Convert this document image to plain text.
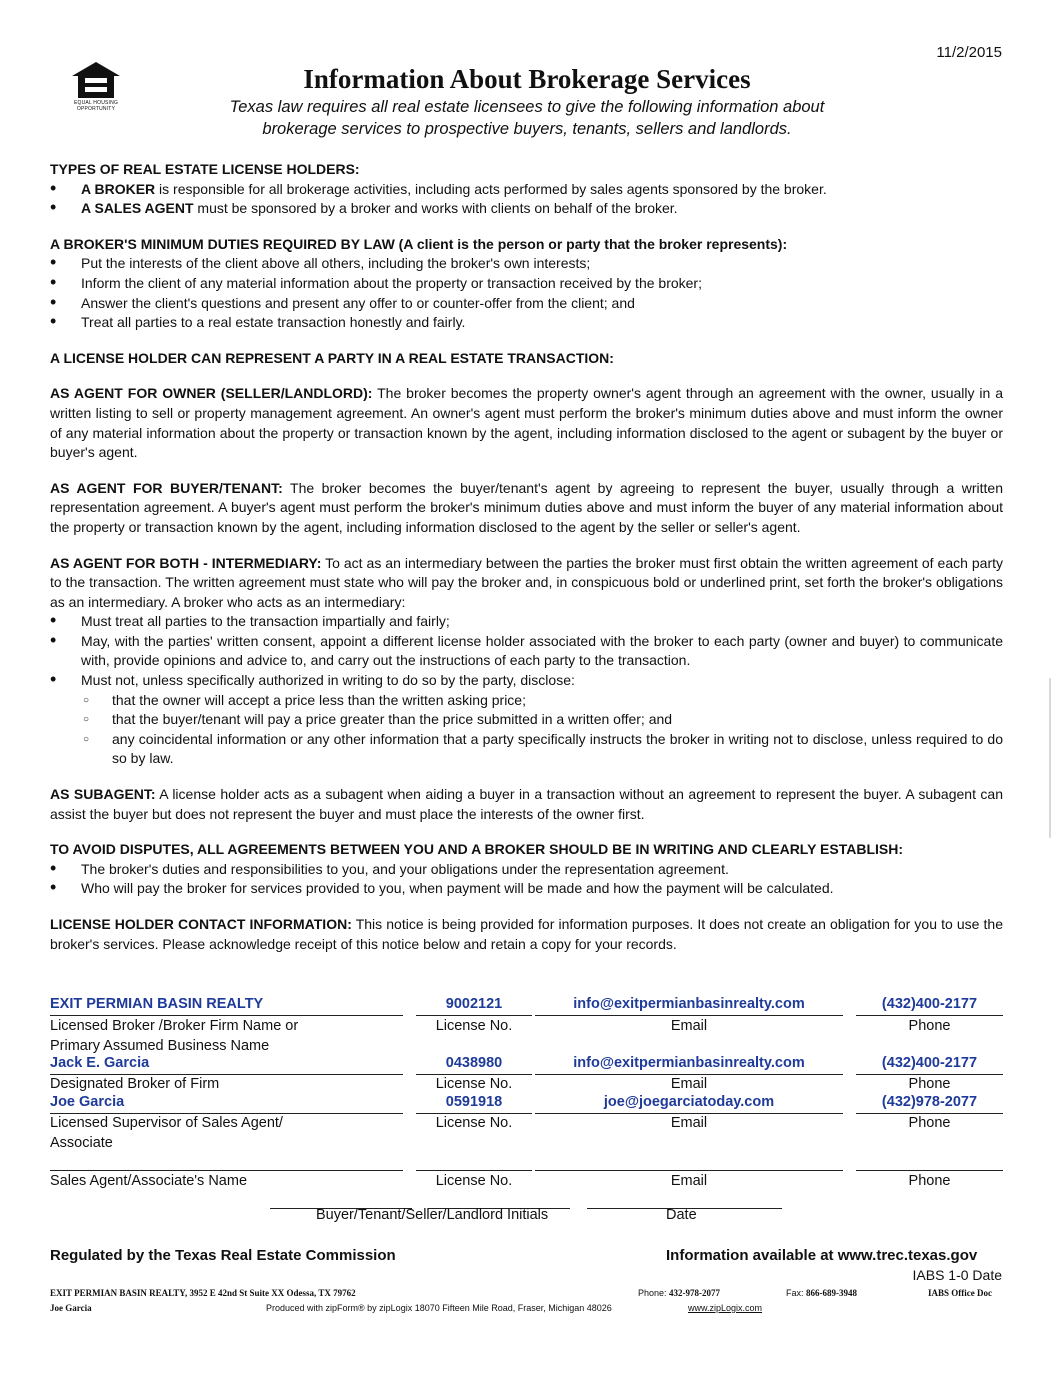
11/2/2015
EQUAL HOUSING
OPPORTUNITY
Information About Brokerage Services
Texas law requires all real estate licensees to give the following information about
brokerage services to prospective buyers, tenants, sellers and landlords.
TYPES OF REAL ESTATE LICENSE HOLDERS:
• A BROKER is responsible for all brokerage activities, including acts performed by sales agents sponsored by the broker.
• A SALES AGENT must be sponsored by a broker and works with clients on behalf of the broker.
A BROKER'S MINIMUM DUTIES REQUIRED BY LAW (A client is the person or party that the broker represents):
• Put the interests of the client above all others, including the broker's own interests;
• Inform the client of any material information about the property or transaction received by the broker;
• Answer the client's questions and present any offer to or counter-offer from the client; and
• Treat all parties to a real estate transaction honestly and fairly.
A LICENSE HOLDER CAN REPRESENT A PARTY IN A REAL ESTATE TRANSACTION:

AS AGENT FOR OWNER (SELLER/LANDLORD): The broker becomes the property owner's agent through an agreement with the owner, usually in a written listing to sell or property management agreement. An owner's agent must perform the broker's minimum duties above and must inform the owner of any material information about the property or transaction known by the agent, including information disclosed to the agent or subagent by the buyer or buyer's agent.

AS AGENT FOR BUYER/TENANT: The broker becomes the buyer/tenant's agent by agreeing to represent the buyer, usually through a written representation agreement. A buyer's agent must perform the broker's minimum duties above and must inform the buyer of any material information about the property or transaction known by the agent, including information disclosed to the agent by the seller or seller's agent.

AS AGENT FOR BOTH - INTERMEDIARY: To act as an intermediary between the parties the broker must first obtain the written agreement of each party to the transaction. The written agreement must state who will pay the broker and, in conspicuous bold or underlined print, set forth the broker's obligations as an intermediary. A broker who acts as an intermediary:

• Must treat all parties to the transaction impartially and fairly;
• May, with the parties' written consent, appoint a different license holder associated with the broker to each party (owner and buyer) to communicate with, provide opinions and advice to, and carry out the instructions of each party to the transaction.
• Must not, unless specifically authorized in writing to do so by the party, disclose:
○ that the owner will accept a price less than the written asking price;
○ that the buyer/tenant will pay a price greater than the price submitted in a written offer; and
○ any coincidental information or any other information that a party specifically instructs the broker in writing not to disclose, unless required to do so by law.

AS SUBAGENT: A license holder acts as a subagent when aiding a buyer in a transaction without an agreement to represent the buyer. A subagent can assist the buyer but does not represent the buyer and must place the interests of the owner first.

TO AVOID DISPUTES, ALL AGREEMENTS BETWEEN YOU AND A BROKER SHOULD BE IN WRITING AND CLEARLY ESTABLISH:
• The broker's duties and responsibilities to you, and your obligations under the representation agreement.
• Who will pay the broker for services provided to you, when payment will be made and how the payment will be calculated.

LICENSE HOLDER CONTACT INFORMATION: This notice is being provided for information purposes. It does not create an obligation for you to use the broker's services. Please acknowledge receipt of this notice below and retain a copy for your records.

EXIT PERMIAN BASIN REALTY	9002121	info@exitpermianbasinrealty.com	(432)400-2177
Licensed Broker /Broker Firm Name or
Primary Assumed Business Name
License No.	Email	Phone
Jack E. Garcia	0438980	info@exitpermianbasinrealty.com	(432)400-2177
Designated Broker of Firm	License No.	Email	Phone
Joe Garcia	0591918	joe@joegarciatoday.com	(432)978-2077
Licensed Supervisor of Sales Agent/
Associate
License No.	Email	Phone
Sales Agent/Associate's Name	License No.	Email	Phone
Buyer/Tenant/Seller/Landlord Initials	Date
Regulated by the Texas Real Estate Commission	Information available at www.trec.texas.gov
IABS 1-0 Date
EXIT PERMIAN BASIN REALTY, 3952 E 42nd St Suite XX Odessa, TX 79762	Phone: 432-978-2077	Fax: 866-689-3948	IABS Office Doc
Joe Garcia	Produced with zipForm® by zipLogix 18070 Fifteen Mile Road, Fraser, Michigan 48026	www.zipLogix.com
